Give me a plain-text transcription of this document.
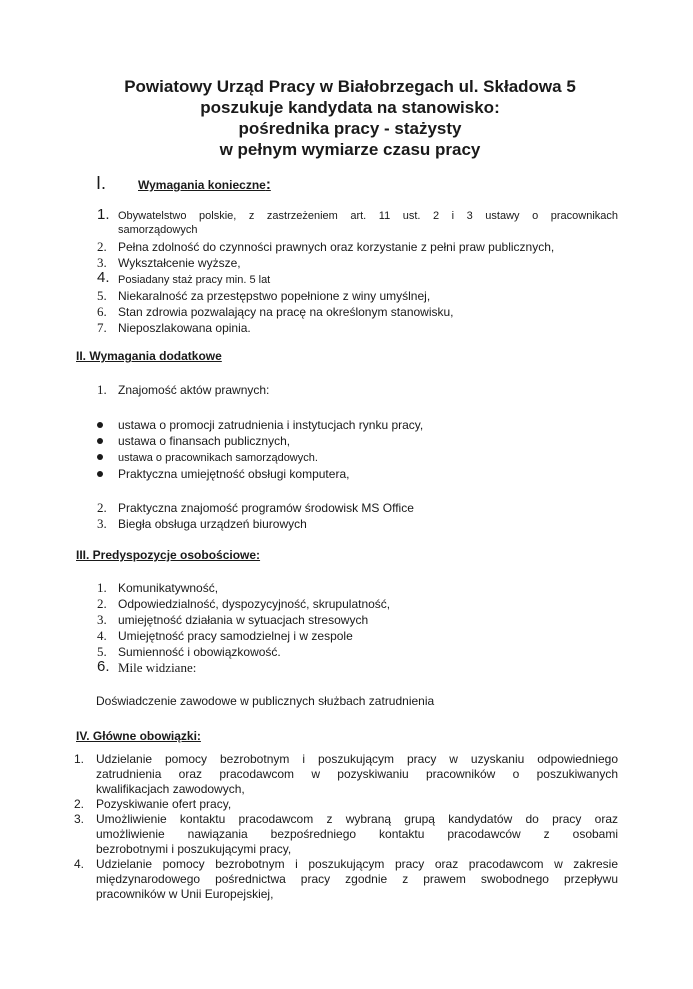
Powiatowy Urząd Pracy w Białobrzegach ul. Składowa 5
poszukuje kandydata na stanowisko:
pośrednika pracy - stażysty
w pełnym wymiarze czasu pracy
I.	Wymagania konieczne:
1. Obywatelstwo polskie, z zastrzeżeniem art. 11 ust. 2 i 3 ustawy o pracownikach
samorządowych
2. Pełna zdolność do czynności prawnych oraz korzystanie z pełni praw publicznych,
3. Wykształcenie wyższe,
4. Posiadany staż pracy min. 5 lat
5. Niekaralność za przestępstwo popełnione z winy umyślnej,
6. Stan zdrowia pozwalający na pracę na określonym stanowisku,
7. Nieposzlakowana opinia.
II. Wymagania dodatkowe
1. Znajomość aktów prawnych:
ustawa o promocji zatrudnienia i instytucjach rynku pracy,
ustawa o finansach publicznych,
ustawa o pracownikach samorządowych.
Praktyczna umiejętność obsługi komputera,
2. Praktyczna znajomość programów środowisk MS Office
3. Biegła obsługa urządzeń biurowych
III. Predyspozycje osobościowe:
1. Komunikatywność,
2. Odpowiedzialność, dyspozycyjność, skrupulatność,
3. umiejętność działania w sytuacjach stresowych
4. Umiejętność pracy samodzielnej i w zespole
5. Sumienność i obowiązkowość.
6. Mile widziane:
Doświadczenie zawodowe w publicznych służbach zatrudnienia
IV. Główne obowiązki:
1. Udzielanie pomocy bezrobotnym i poszukującym pracy w uzyskaniu odpowiedniego
zatrudnienia oraz pracodawcom w pozyskiwaniu pracowników o poszukiwanych
kwalifikacjach zawodowych,
2. Pozyskiwanie ofert pracy,
3. Umożliwienie kontaktu pracodawcom z wybraną grupą kandydatów do pracy oraz
umożliwienie nawiązania bezpośredniego kontaktu pracodawców z osobami
bezrobotnymi i poszukującymi pracy,
4. Udzielanie pomocy bezrobotnym i poszukującym pracy oraz pracodawcom w zakresie
międzynarodowego pośrednictwa pracy zgodnie z prawem swobodnego przepływu
pracowników w Unii Europejskiej,
